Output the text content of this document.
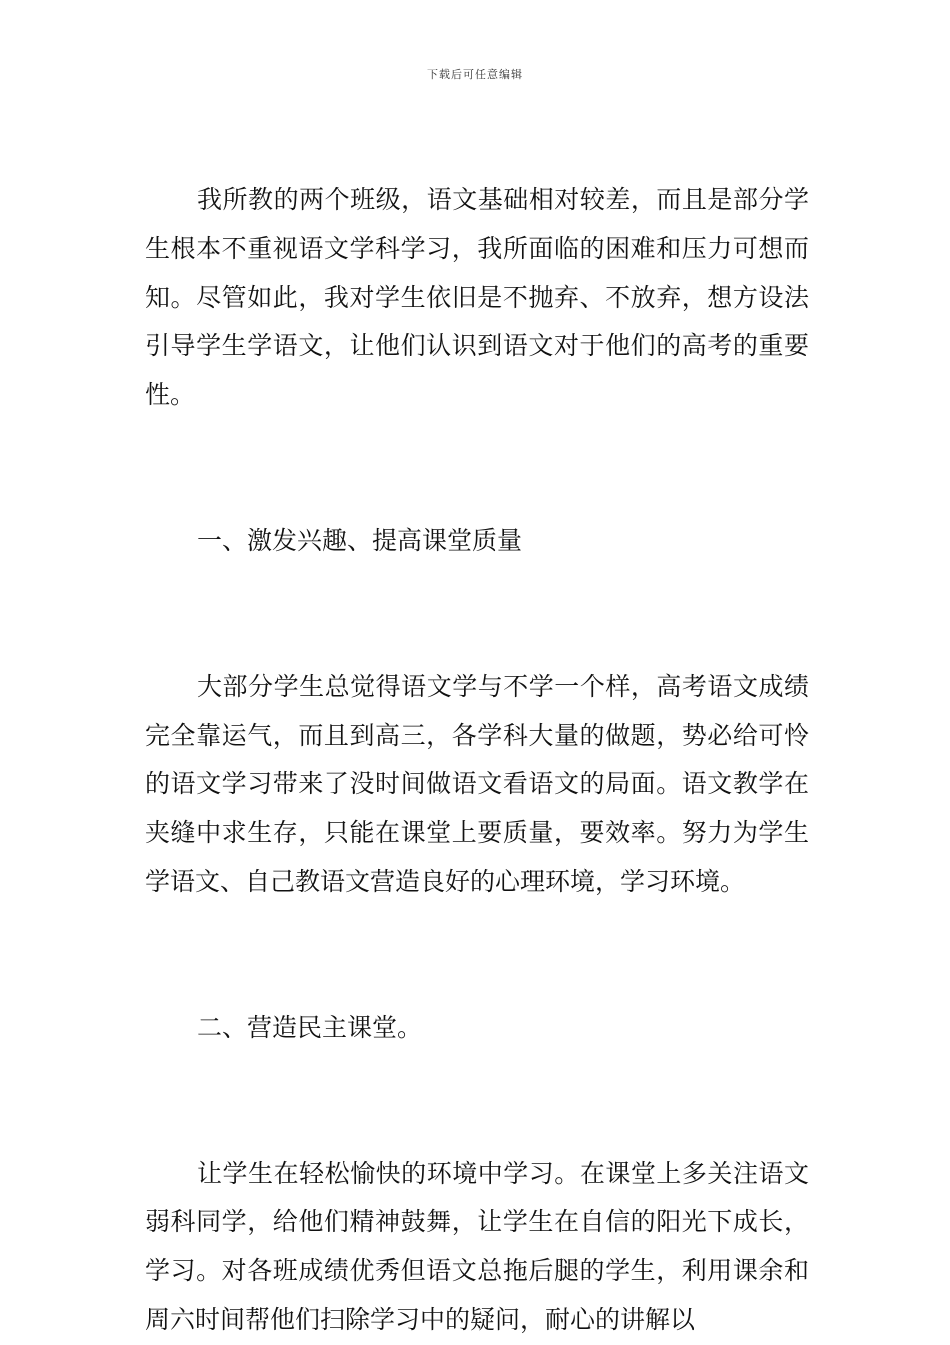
下载后可任意编辑

我所教的两个班级，语文基础相对较差，而且是部分学生根本不重视语文学科学习，我所面临的困难和压力可想而知。尽管如此，我对学生依旧是不抛弃、不放弃，想方设法引导学生学语文，让他们认识到语文对于他们的高考的重要性。

一、激发兴趣、提高课堂质量

大部分学生总觉得语文学与不学一个样，高考语文成绩完全靠运气，而且到高三，各学科大量的做题，势必给可怜的语文学习带来了没时间做语文看语文的局面。语文教学在夹缝中求生存，只能在课堂上要质量，要效率。努力为学生学语文、自己教语文营造良好的心理环境，学习环境。

二、营造民主课堂。

让学生在轻松愉快的环境中学习。在课堂上多关注语文弱科同学，给他们精神鼓舞，让学生在自信的阳光下成长，学习。对各班成绩优秀但语文总拖后腿的学生，利用课余和周六时间帮他们扫除学习中的疑问，耐心的讲解以
